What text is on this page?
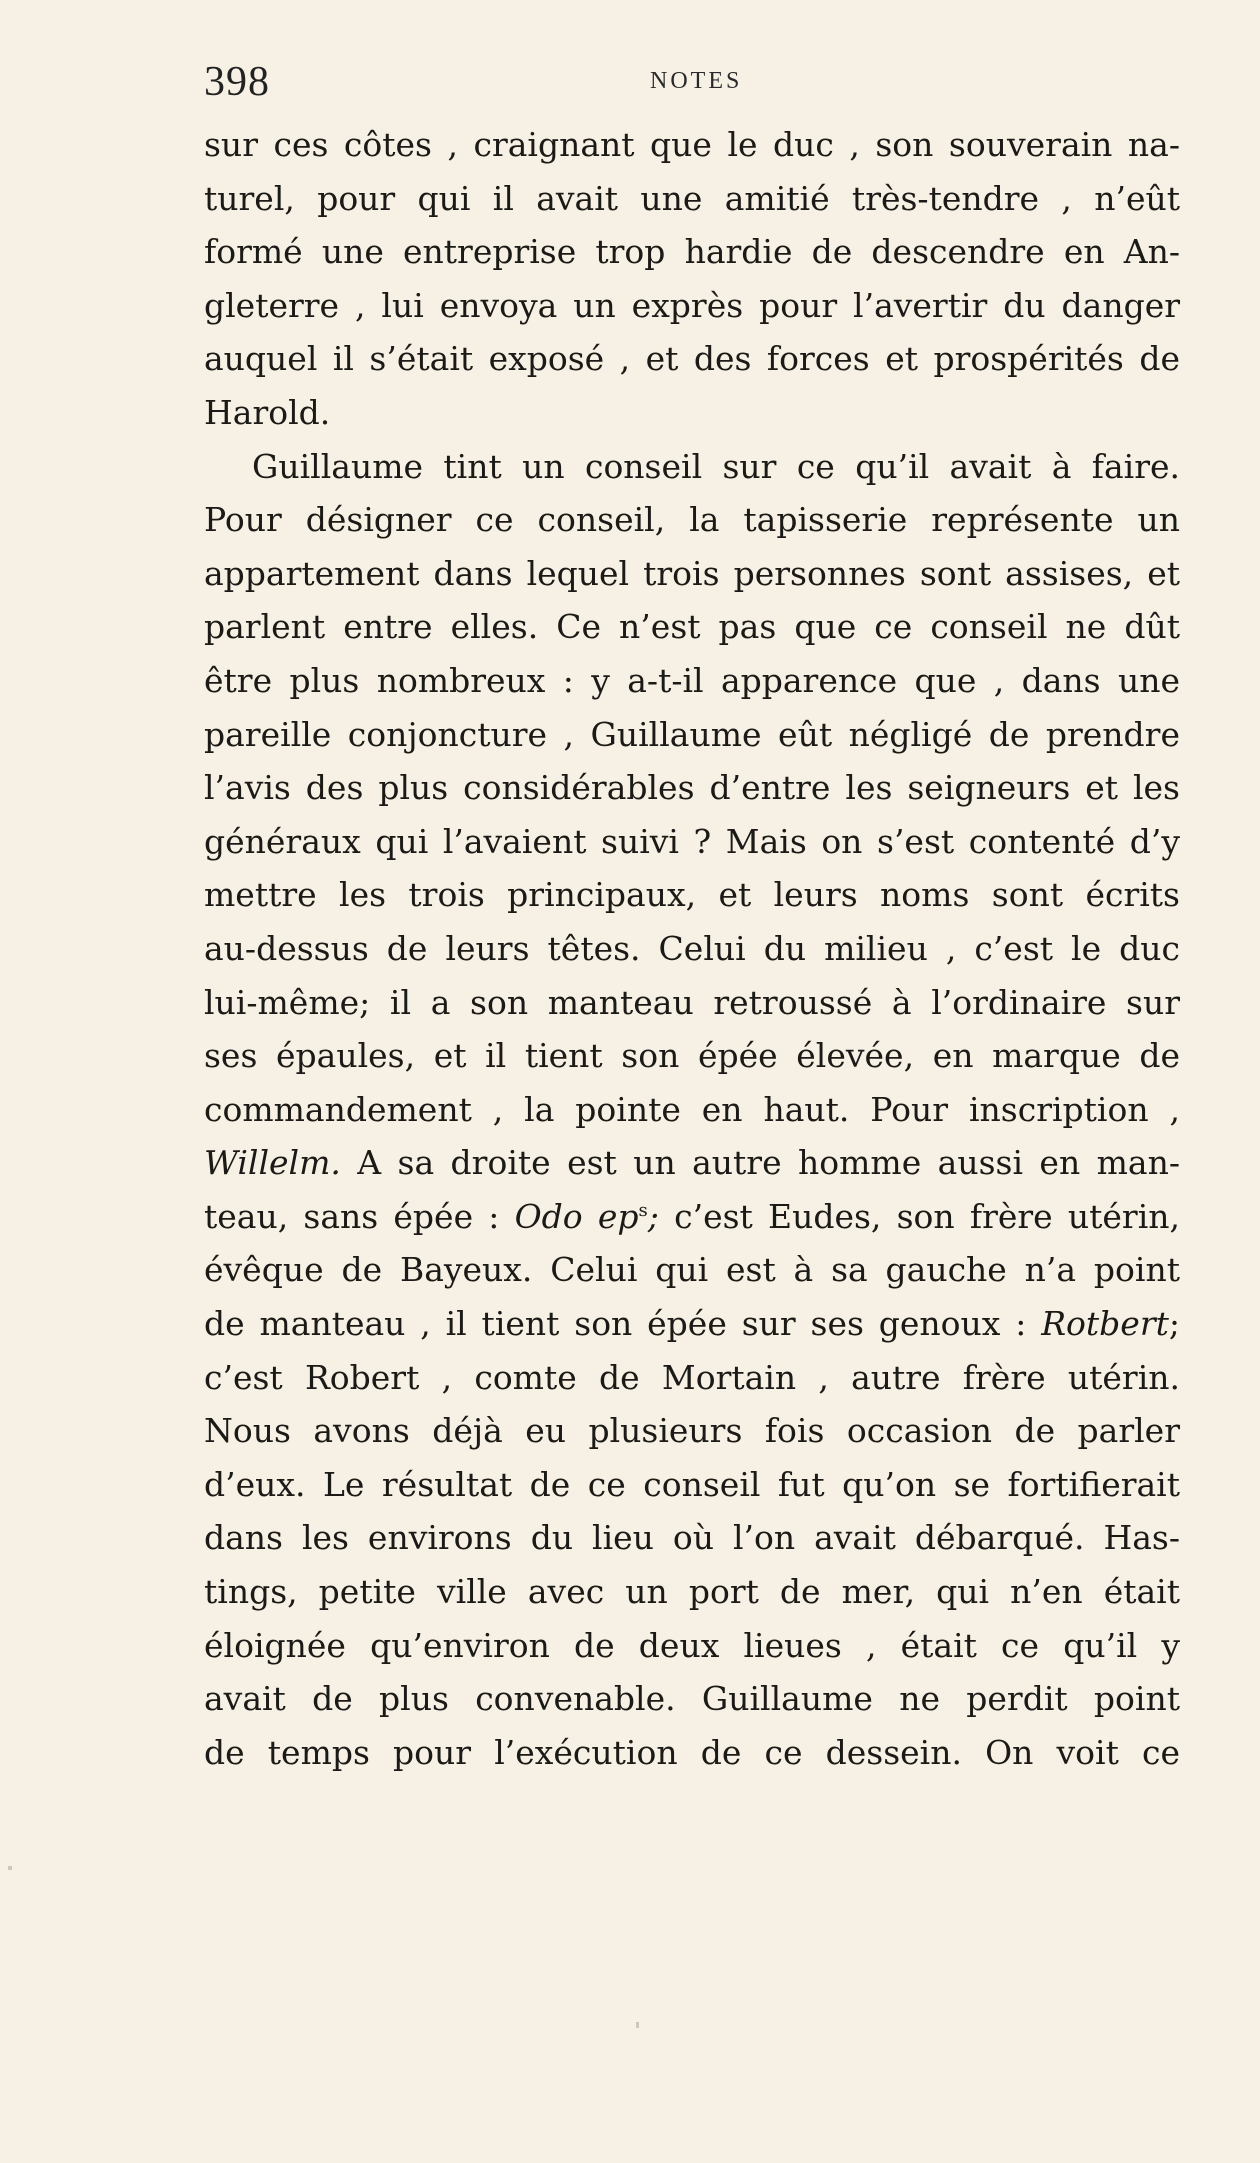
398	NOTES
sur ces côtes , craignant que le duc , son souverain na-
turel, pour qui il avait une amitié très-tendre , n’eût
formé une entreprise trop hardie de descendre en An-
gleterre , lui envoya un exprès pour l’avertir du danger
auquel il s’était exposé , et des forces et prospérités de
Harold.
Guillaume tint un conseil sur ce qu’il avait à faire.
Pour désigner ce conseil, la tapisserie représente un
appartement dans lequel trois personnes sont assises, et
parlent entre elles. Ce n’est pas que ce conseil ne dût
être plus nombreux : y a-t-il apparence que , dans une
pareille conjoncture , Guillaume eût négligé de prendre
l’avis des plus considérables d’entre les seigneurs et les
généraux qui l’avaient suivi ? Mais on s’est contenté d’y
mettre les trois principaux, et leurs noms sont écrits
au-dessus de leurs têtes. Celui du milieu , c’est le duc
lui-même; il a son manteau retroussé à l’ordinaire sur
ses épaules, et il tient son épée élevée, en marque de
commandement , la pointe en haut. Pour inscription ,
Willelm. A sa droite est un autre homme aussi en man-
teau, sans épée : Odo $ep^s$; c’est Eudes, son frère utérin,
évêque de Bayeux. Celui qui est à sa gauche n’a point
de manteau , il tient son épée sur ses genoux : Rotbert;
c’est Robert , comte de Mortain , autre frère utérin.
Nous avons déjà eu plusieurs fois occasion de parler
d’eux. Le résultat de ce conseil fut qu’on se fortifierait
dans les environs du lieu où l’on avait débarqué. Has-
tings, petite ville avec un port de mer, qui n’en était
éloignée qu’environ de deux lieues , était ce qu’il y
avait de plus convenable. Guillaume ne perdit point
de temps pour l’exécution de ce dessein. On voit ce
